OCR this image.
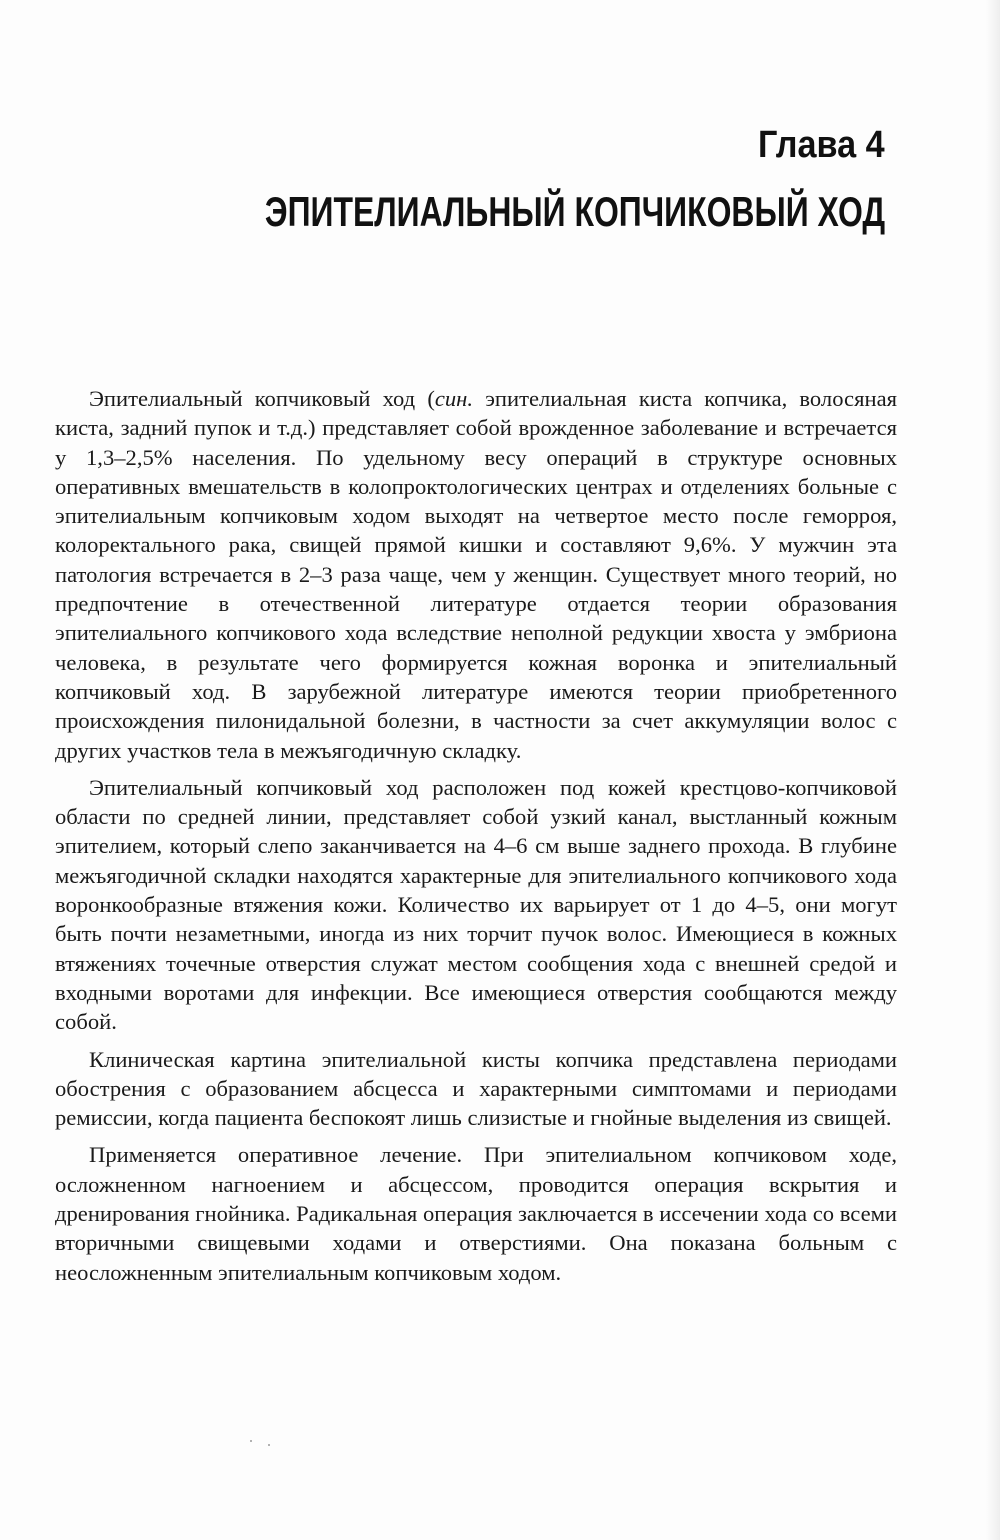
Глава 4
ЭПИТЕЛИАЛЬНЫЙ КОПЧИКОВЫЙ ХОД

Эпителиальный копчиковый ход (син. эпителиальная киста копчика, волосяная киста, задний пупок и т.д.) представляет собой врожденное заболевание и встречается у 1,3–2,5% населения. По удельному весу операций в структуре основных оперативных вмешательств в колопроктологических центрах и отделениях больные с эпителиальным копчиковым ходом выходят на четвертое место после геморроя, колоректального рака, свищей прямой кишки и составляют 9,6%. У мужчин эта патология встречается в 2–3 раза чаще, чем у женщин. Существует много теорий, но предпочтение в отечественной литературе отдается теории образования эпителиального копчикового хода вследствие неполной редукции хвоста у эмбриона человека, в результате чего формируется кожная воронка и эпителиальный копчиковый ход. В зарубежной литературе имеются теории приобретенного происхождения пилонидальной болезни, в частности за счет аккумуляции волос с других участков тела в межъягодичную складку.

Эпителиальный копчиковый ход расположен под кожей крестцово-копчиковой области по средней линии, представляет собой узкий канал, выстланный кожным эпителием, который слепо заканчивается на 4–6 см выше заднего прохода. В глубине межъягодичной складки находятся характерные для эпителиального копчикового хода воронкообразные втяжения кожи. Количество их варьирует от 1 до 4–5, они могут быть почти незаметными, иногда из них торчит пучок волос. Имеющиеся в кожных втяжениях точечные отверстия служат местом сообщения хода с внешней средой и входными воротами для инфекции. Все имеющиеся отверстия сообщаются между собой.

Клиническая картина эпителиальной кисты копчика представлена периодами обострения с образованием абсцесса и характерными симптомами и периодами ремиссии, когда пациента беспокоят лишь слизистые и гнойные выделения из свищей.

Применяется оперативное лечение. При эпителиальном копчиковом ходе, осложненном нагноением и абсцессом, проводится операция вскрытия и дренирования гнойника. Радикальная операция заключается в иссечении хода со всеми вторичными свищевыми ходами и отверстиями. Она показана больным с неосложненным эпителиальным копчиковым ходом.
